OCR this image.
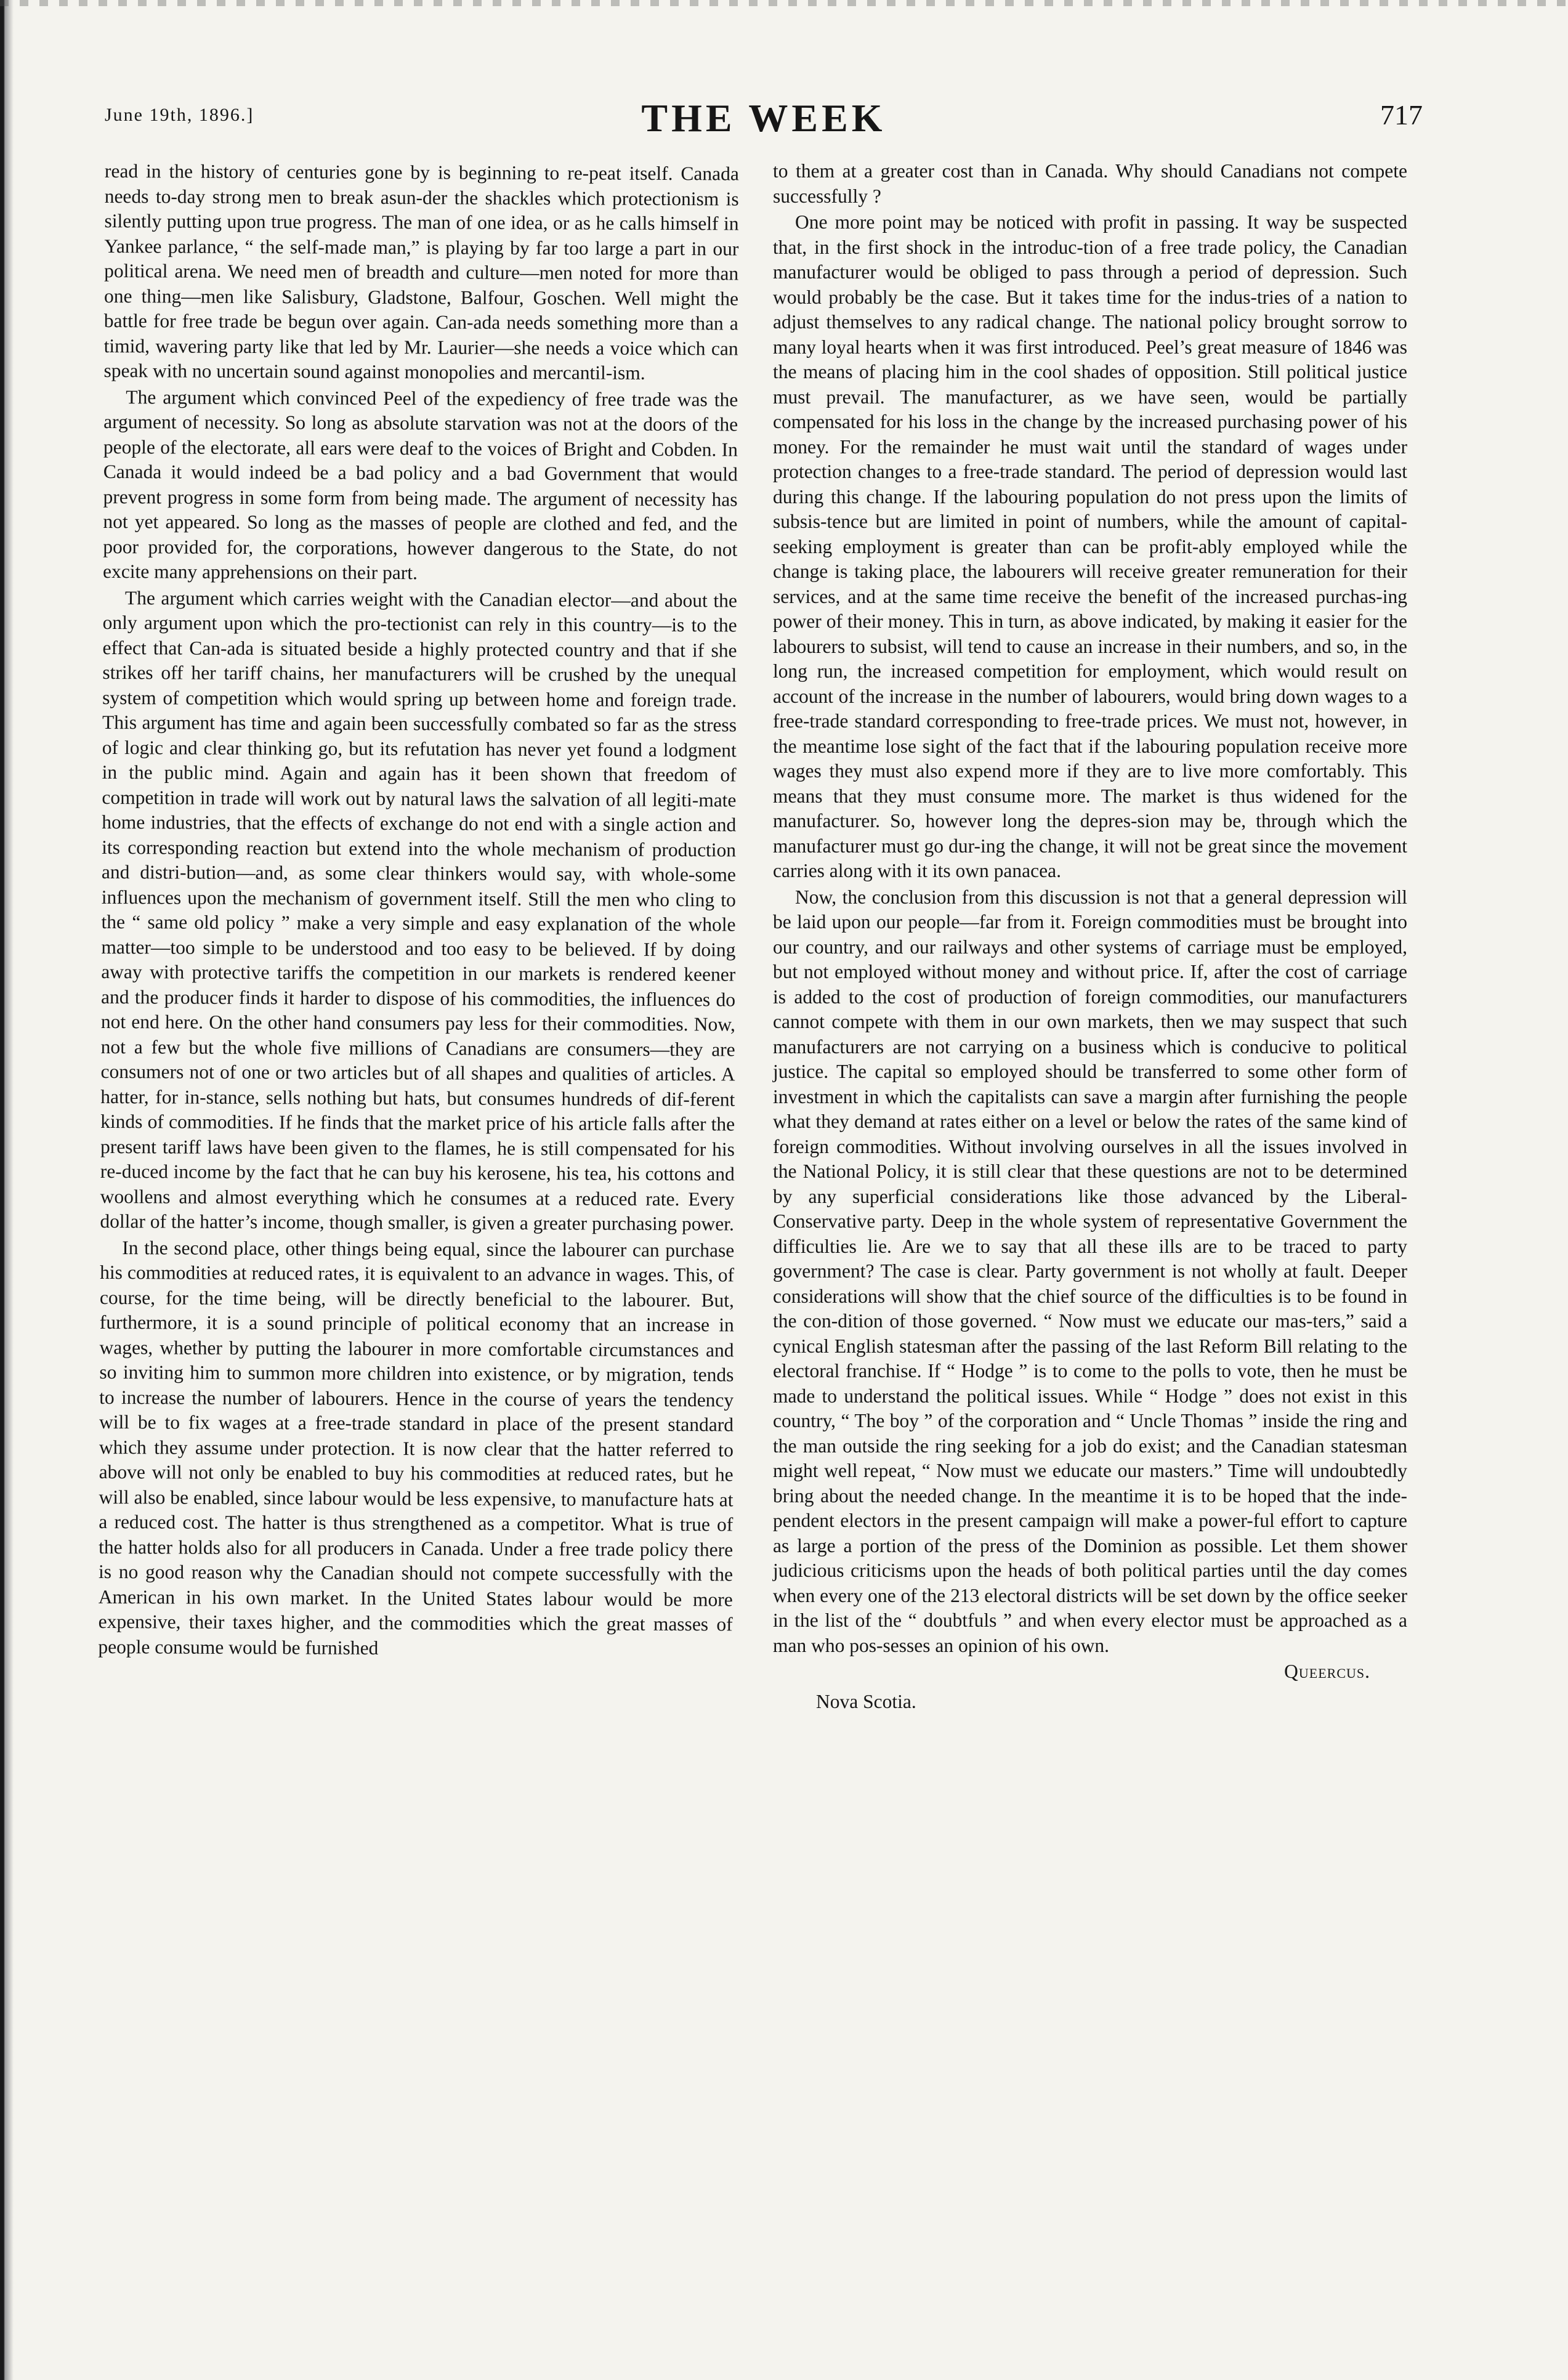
June 19th, 1896.]	THE WEEK	717

read in the history of centuries gone by is beginning to re-peat itself. Canada needs to-day strong men to break asun-der the shackles which protectionism is silently putting upon true progress. The man of one idea, or as he calls himself in Yankee parlance, “ the self-made man,” is playing by far too large a part in our political arena. We need men of breadth and culture—men noted for more than one thing—men like Salisbury, Gladstone, Balfour, Goschen. Well might the battle for free trade be begun over again. Can-ada needs something more than a timid, wavering party like that led by Mr. Laurier—she needs a voice which can speak with no uncertain sound against monopolies and mercantil-ism.

The argument which convinced Peel of the expediency of free trade was the argument of necessity. So long as absolute starvation was not at the doors of the people of the electorate, all ears were deaf to the voices of Bright and Cobden. In Canada it would indeed be a bad policy and a bad Government that would prevent progress in some form from being made. The argument of necessity has not yet appeared. So long as the masses of people are clothed and fed, and the poor provided for, the corporations, however dangerous to the State, do not excite many apprehensions on their part.

The argument which carries weight with the Canadian elector—and about the only argument upon which the pro-tectionist can rely in this country—is to the effect that Can-ada is situated beside a highly protected country and that if she strikes off her tariff chains, her manufacturers will be crushed by the unequal system of competition which would spring up between home and foreign trade. This argument has time and again been successfully combated so far as the stress of logic and clear thinking go, but its refutation has never yet found a lodgment in the public mind. Again and again has it been shown that freedom of competition in trade will work out by natural laws the salvation of all legiti-mate home industries, that the effects of exchange do not end with a single action and its corresponding reaction but extend into the whole mechanism of production and distri-bution—and, as some clear thinkers would say, with whole-some influences upon the mechanism of government itself. Still the men who cling to the “ same old policy ” make a very simple and easy explanation of the whole matter—too simple to be understood and too easy to be believed. If by doing away with protective tariffs the competition in our markets is rendered keener and the producer finds it harder to dispose of his commodities, the influences do not end here. On the other hand consumers pay less for their commodities. Now, not a few but the whole five millions of Canadians are consumers—they are consumers not of one or two articles but of all shapes and qualities of articles. A hatter, for in-stance, sells nothing but hats, but consumes hundreds of dif-ferent kinds of commodities. If he finds that the market price of his article falls after the present tariff laws have been given to the flames, he is still compensated for his re-duced income by the fact that he can buy his kerosene, his tea, his cottons and woollens and almost everything which he consumes at a reduced rate. Every dollar of the hatter’s income, though smaller, is given a greater purchasing power.

In the second place, other things being equal, since the labourer can purchase his commodities at reduced rates, it is equivalent to an advance in wages. This, of course, for the time being, will be directly beneficial to the labourer. But, furthermore, it is a sound principle of political economy that an increase in wages, whether by putting the labourer in more comfortable circumstances and so inviting him to summon more children into existence, or by migration, tends to increase the number of labourers. Hence in the course of years the tendency will be to fix wages at a free-trade standard in place of the present standard which they assume under protection. It is now clear that the hatter referred to above will not only be enabled to buy his commodities at reduced rates, but he will also be enabled, since labour would be less expensive, to manufacture hats at a reduced cost. The hatter is thus strengthened as a competitor. What is true of the hatter holds also for all producers in Canada. Under a free trade policy there is no good reason why the Canadian should not compete successfully with the American in his own market. In the United States labour would be more expensive, their taxes higher, and the commodities which the great masses of people consume would be furnished

to them at a greater cost than in Canada. Why should Canadians not compete successfully ?

One more point may be noticed with profit in passing. It way be suspected that, in the first shock in the introduc-tion of a free trade policy, the Canadian manufacturer would be obliged to pass through a period of depression. Such would probably be the case. But it takes time for the indus-tries of a nation to adjust themselves to any radical change. The national policy brought sorrow to many loyal hearts when it was first introduced. Peel’s great measure of 1846 was the means of placing him in the cool shades of opposition. Still political justice must prevail. The manufacturer, as we have seen, would be partially compensated for his loss in the change by the increased purchasing power of his money. For the remainder he must wait until the standard of wages under protection changes to a free-trade standard. The period of depression would last during this change. If the labouring population do not press upon the limits of subsis-tence but are limited in point of numbers, while the amount of capital-seeking employment is greater than can be profit-ably employed while the change is taking place, the labourers will receive greater remuneration for their services, and at the same time receive the benefit of the increased purchas-ing power of their money. This in turn, as above indicated, by making it easier for the labourers to subsist, will tend to cause an increase in their numbers, and so, in the long run, the increased competition for employment, which would result on account of the increase in the number of labourers, would bring down wages to a free-trade standard corresponding to free-trade prices. We must not, however, in the meantime lose sight of the fact that if the labouring population receive more wages they must also expend more if they are to live more comfortably. This means that they must consume more. The market is thus widened for the manufacturer. So, however long the depres-sion may be, through which the manufacturer must go dur-ing the change, it will not be great since the movement carries along with it its own panacea.

Now, the conclusion from this discussion is not that a general depression will be laid upon our people—far from it. Foreign commodities must be brought into our country, and our railways and other systems of carriage must be employed, but not employed without money and without price. If, after the cost of carriage is added to the cost of production of foreign commodities, our manufacturers cannot compete with them in our own markets, then we may suspect that such manufacturers are not carrying on a business which is conducive to political justice. The capital so employed should be transferred to some other form of investment in which the capitalists can save a margin after furnishing the people what they demand at rates either on a level or below the rates of the same kind of foreign commodities. Without involving ourselves in all the issues involved in the National Policy, it is still clear that these questions are not to be determined by any superficial considerations like those advanced by the Liberal-Conservative party. Deep in the whole system of representative Government the difficulties lie. Are we to say that all these ills are to be traced to party government? The case is clear. Party government is not wholly at fault. Deeper considerations will show that the chief source of the difficulties is to be found in the con-dition of those governed. “ Now must we educate our mas-ters,” said a cynical English statesman after the passing of the last Reform Bill relating to the electoral franchise. If “ Hodge ” is to come to the polls to vote, then he must be made to understand the political issues. While “ Hodge ” does not exist in this country, “ The boy ” of the corporation and “ Uncle Thomas ” inside the ring and the man outside the ring seeking for a job do exist; and the Canadian statesman might well repeat, “ Now must we educate our masters.” Time will undoubtedly bring about the needed change. In the meantime it is to be hoped that the inde-pendent electors in the present campaign will make a power-ful effort to capture as large a portion of the press of the Dominion as possible. Let them shower judicious criticisms upon the heads of both political parties until the day comes when every one of the 213 electoral districts will be set down by the office seeker in the list of the “ doubtfuls ” and when every elector must be approached as a man who pos-sesses an opinion of his own.

Queercus.
Nova Scotia.
